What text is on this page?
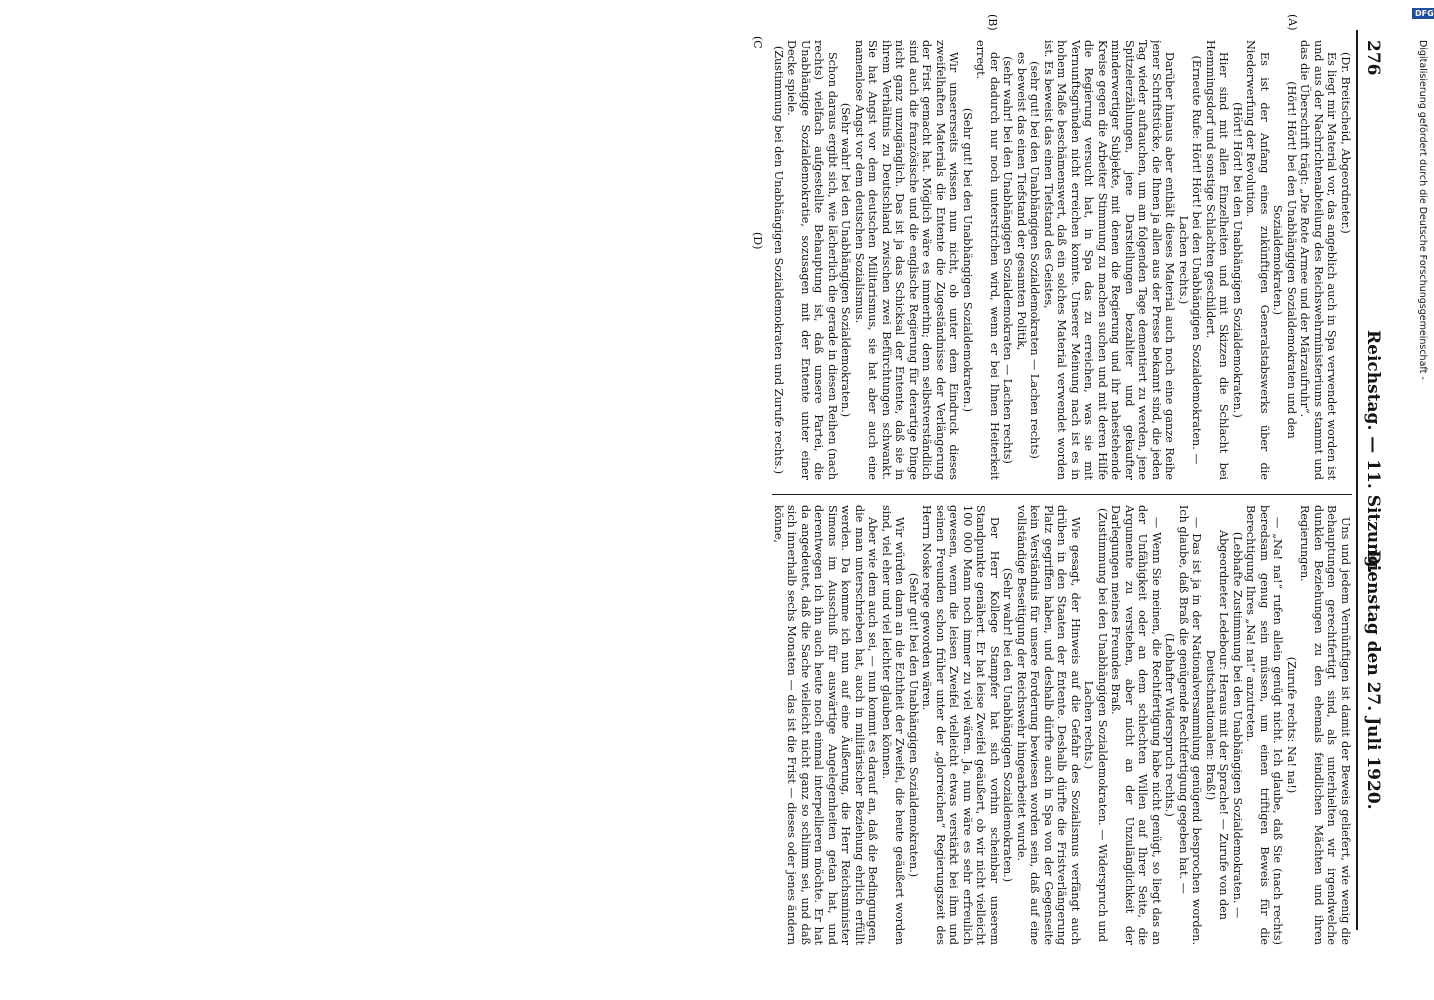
276
Reichstag. — 11. Sitzung.
Dienstag den 27. Juli 1920.
(A)
(B)
(C
(D)

(Dr. Breitscheid, Abgeordneter.)

Es liegt mir Material vor, das angeblich auch in Spa verwendet worden ist und aus der Nachrichtenabteilung des Reichswehrministeriums stammt und das die Überschrift trägt: „Die Rote Armee und der Märzaufruhr“.

(Hört! Hört! bei den Unabhängigen Sozialdemokraten und den Sozialdemokraten.)

Es ist der Anfang eines zukünftigen Generalstabswerks über die Niederwerfung der Revolution.

(Hört! Hört! bei den Unabhängigen Sozialdemokraten.)

Hier sind mit allen Einzelheiten und mit Skizzen die Schlacht bei Hemmingsdorf und sonstige Schlachten geschildert.

(Erneute Rufe: Hört! Hört! bei den Unabhängigen Sozialdemokraten. — Lachen rechts.)

Darüber hinaus aber enthält dieses Material auch noch eine ganze Reihe jener Schriftstücke, die Ihnen ja allen aus der Presse bekannt sind, die jeden Tag wieder auftauchen, um am folgenden Tage dementiert zu werden, jene Spitzelerzählungen, jene Darstellungen bezahlter und gekaufter minderwertiger Subjekte, mit denen die Regierung und ihr nahestehende Kreise gegen die Arbeiter Stimmung zu machen suchen und mit deren Hilfe die Regierung versucht hat, in Spa das zu erreichen, was sie mit Vernunftsgründen nicht erreichen konnte. Unserer Meinung nach ist es in hohem Maße beschämenswert, daß ein solches Material verwendet worden ist. Es beweist das einen Tiefstand des Geistes,

(sehr gut! bei den Unabhängigen Sozialdemokraten — Lachen rechts)

es beweist das einen Tiefstand der gesamten Politik,

(sehr wahr! bei den Unabhängigen Sozialdemokraten — Lachen rechts)

der dadurch nur noch unterstrichen wird, wenn er bei Ihnen Heiterkeit erregt.

(Sehr gut! bei den Unabhängigen Sozialdemokraten.)

Wir unsererseits wissen nun nicht, ob unter dem Eindruck dieses zweifelhaften Materials die Entente die Zugeständnisse der Verlängerung der Frist gemacht hat. Möglich wäre es immerhin; denn selbstverständlich sind auch die französische und die englische Regierung für derartige Dinge nicht ganz unzugänglich. Das ist ja das Schicksal der Entente, daß sie in ihrem Verhältnis zu Deutschland zwischen zwei Befürchtungen schwankt. Sie hat Angst vor dem deutschen Militarismus, sie hat aber auch eine namenlose Angst vor dem deutschen Sozialismus.

(Sehr wahr! bei den Unabhängigen Sozialdemokraten.)

Schon daraus ergibt sich, wie lächerlich die gerade in diesen Reihen (nach rechts) vielfach aufgestellte Behauptung ist, daß unsere Partei, die Unabhängige Sozialdemokratie, sozusagen mit der Entente unter einer Decke spiele.

(Zustimmung bei den Unabhängigen Sozialdemokraten und Zurufe rechts.)

Uns und jedem Vernünftigen ist damit der Beweis geliefert, wie wenig die Behauptungen gerechtfertigt sind, als unterhielten wir irgendwelche dunklen Beziehungen zu den ehemals feindlichen Mächten und ihren Regierungen.

(Zurufe rechts: Na! na!)

— „Na! na!“ rufen allein genügt nicht. Ich glaube, daß Sie (nach rechts) beredsam genug sein müssen, um einen triftigen Beweis für die Berechtigung Ihres „Na! na!“ anzutreten.

(Lebhafte Zustimmung bei den Unabhängigen Sozialdemokraten. — Abgeordneter Ledebour: Heraus mit der Sprache! — Zurufe von den Deutschnationalen: Braß!)

— Das ist ja in der Nationalversammlung genügend besprochen worden. Ich glaube, daß Braß die genügende Rechtfertigung gegeben hat. —

(Lebhafter Widerspruch rechts.)

— Wenn Sie meinen, die Rechtfertigung habe nicht genügt, so liegt das an der Unfähigkeit oder an dem schlechten Willen auf Ihrer Seite, die Argumente zu verstehen, aber nicht an der Unzulänglichkeit der Darlegungen meines Freundes Braß.

(Zustimmung bei den Unabhängigen Sozialdemokraten. — Widerspruch und Lachen rechts.)

Wie gesagt, der Hinweis auf die Gefahr des Sozialismus verfängt auch drüben in den Staaten der Entente. Deshalb dürfte die Fristverlängerung Platz gegriffen haben, und deshalb dürfte auch in Spa von der Gegenseite kein Verständnis für unsere Forderung bewiesen worden sein, daß auf eine vollständige Beseitigung der Reichswehr hingearbeitet wurde.

(Sehr wahr! bei den Unabhängigen Sozialdemokraten.)

Der Herr Kollege Stampfer hat sich vorhin scheinbar unserem Standpunkte genähert. Er hat leise Zweifel geäußert, ob wir nicht vielleicht 100 000 Mann noch immer zu viel wären. Ja, nun wäre es sehr erfreulich gewesen, wenn die leisen Zweifel vielleicht etwas verstärkt bei ihm und seinen Freunden schon früher unter der „glorreichen“ Regierungszeit des Herrn Noske rege geworden wären.

(Sehr gut! bei den Unabhängigen Sozialdemokraten.)

Wir würden dann an die Echtheit der Zweifel, die heute geäußert worden sind, viel eher und viel leichter glauben können.

Aber wie dem auch sei, — nun kommt es darauf an, daß die Bedingungen, die man unterschrieben hat, auch in militärischer Beziehung ehrlich erfüllt werden. Da komme ich nun auf eine Äußerung, die Herr Reichsminister Simons im Ausschuß für auswärtige Angelegenheiten getan hat, und derentwegen ich ihn auch heute noch einmal interpellieren möchte. Er hat da angedeutet, daß die Sache vielleicht nicht ganz so schlimm sei, und daß sich innerhalb sechs Monaten — das ist die Frist — dieses oder jenes ändern könne,

DFG
Digitalisierung gefördert durch die Deutsche Forschungsgemeinschaft -
